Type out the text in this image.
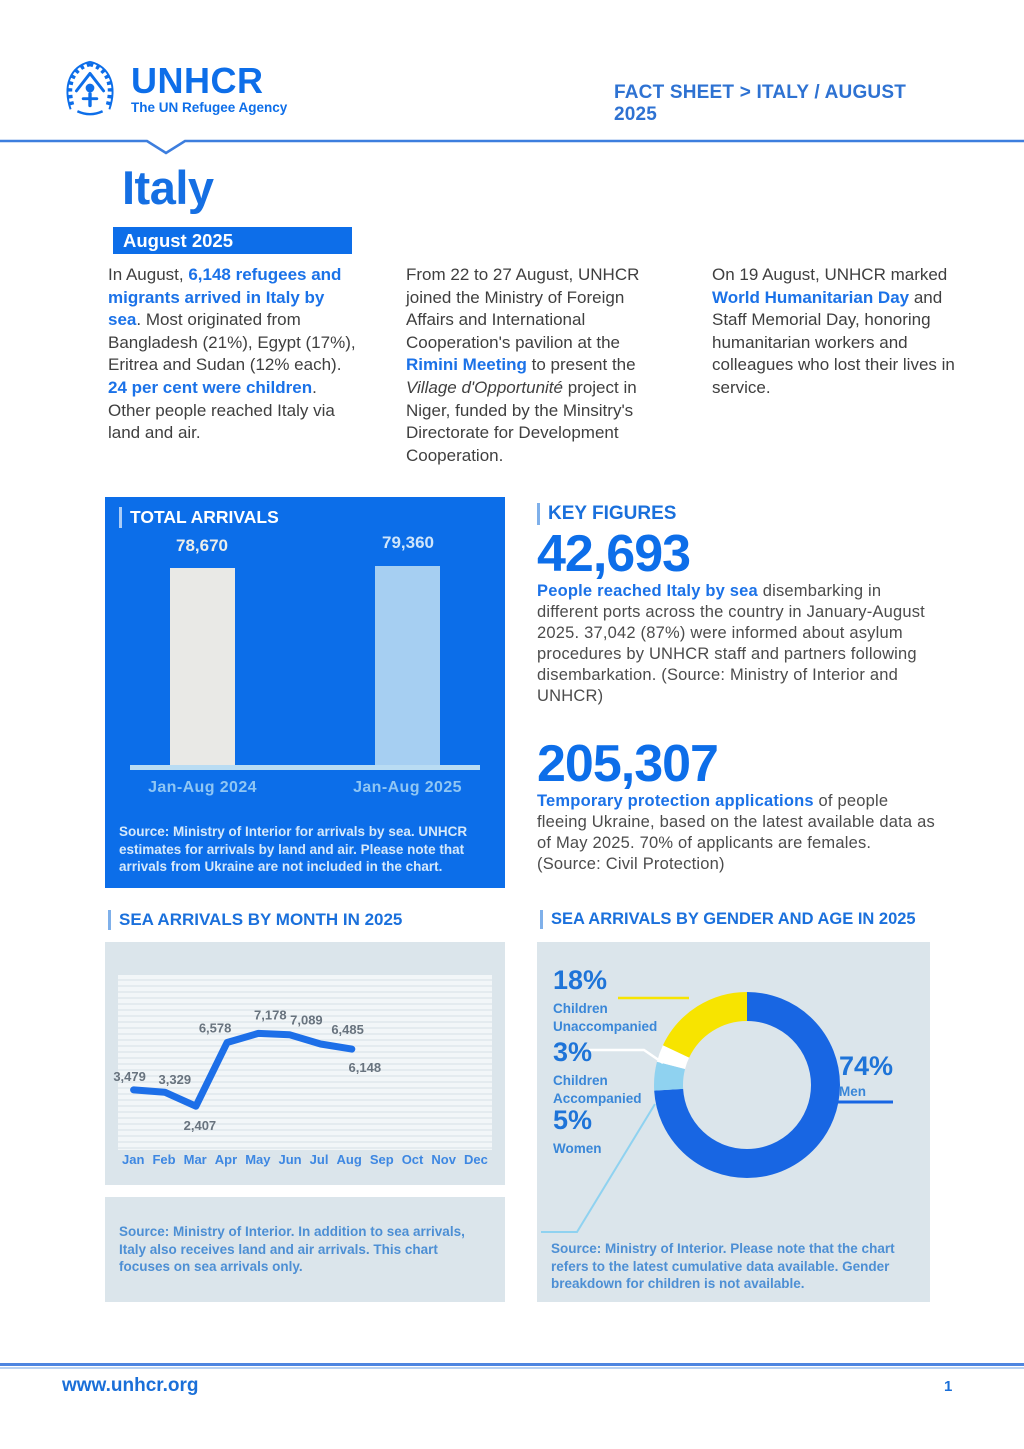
UNHCR
The UN Refugee Agency
FACT SHEET > ITALY / AUGUST 2025
Italy
August 2025

In August, 6,148 refugees and migrants arrived in Italy by sea. Most originated from Bangladesh (21%), Egypt (17%), Eritrea and Sudan (12% each). 24 per cent were children. Other people reached Italy via land and air.

From 22 to 27 August, UNHCR joined the Ministry of Foreign Affairs and International Cooperation's pavilion at the Rimini Meeting to present the Village d'Opportunité project in Niger, funded by the Minsitry's Directorate for Development Cooperation.

On 19 August, UNHCR marked World Humanitarian Day and Staff Memorial Day, honoring humanitarian workers and colleagues who lost their lives in service.

TOTAL ARRIVALS
78,670	79,360
Jan-Aug 2024	Jan-Aug 2025

Source: Ministry of Interior for arrivals by sea. UNHCR estimates for arrivals by land and air. Please note that arrivals from Ukraine are not included in the chart.

KEY FIGURES
42,693

People reached Italy by sea disembarking in different ports across the country in January-August 2025. 37,042 (87%) were informed about asylum procedures by UNHCR staff and partners following disembarkation. (Source: Ministry of Interior and UNHCR)

205,307

Temporary protection applications of people fleeing Ukraine, based on the latest available data as of May 2025. 70% of applicants are females. (Source: Civil Protection)

SEA ARRIVALS BY MONTH IN 2025
3,479 3,329
2,407
6,578
7,178 7,089
6,485
6,148
Jan Feb Mar Apr May Jun Jul Aug Sep Oct Nov Dec

Source: Ministry of Interior. In addition to sea arrivals, Italy also receives land and air arrivals. This chart focuses on sea arrivals only.

SEA ARRIVALS BY GENDER AND AGE IN 2025
18%
Children Unaccompanied
3%
Children Accompanied
5%
Women
74%
Men

Source: Ministry of Interior. Please note that the chart refers to the latest cumulative data available. Gender breakdown for children is not available.

www.unhcr.org	1
